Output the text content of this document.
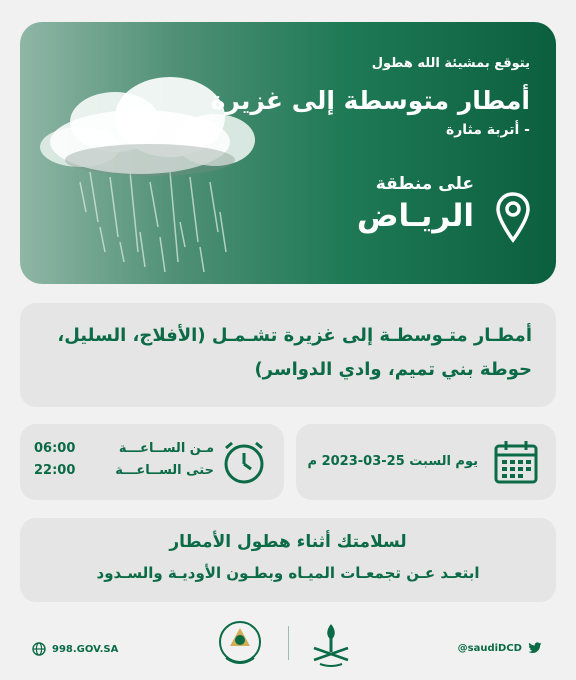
يتوقع بمشيئة الله هطول
أمطار متوسطة إلى غزيرة
- أتربة مثارة
على منطقة
الريـاض
أمطـار متـوسطـة إلى غزيرة تشـمـل (الأفلاج، السليل،
حوطة بني تميم، وادي الدواسر)
يوم السبت 25-03-2023 م
06:00	مـن الســاعـــة
22:00	حتى الســاعـــة
لسلامتك أثناء هطول الأمطار
ابتعـد عـن تجمعـات الميـاه وبطـون الأوديـة والسـدود
998.GOV.SA	@saudiDCD
